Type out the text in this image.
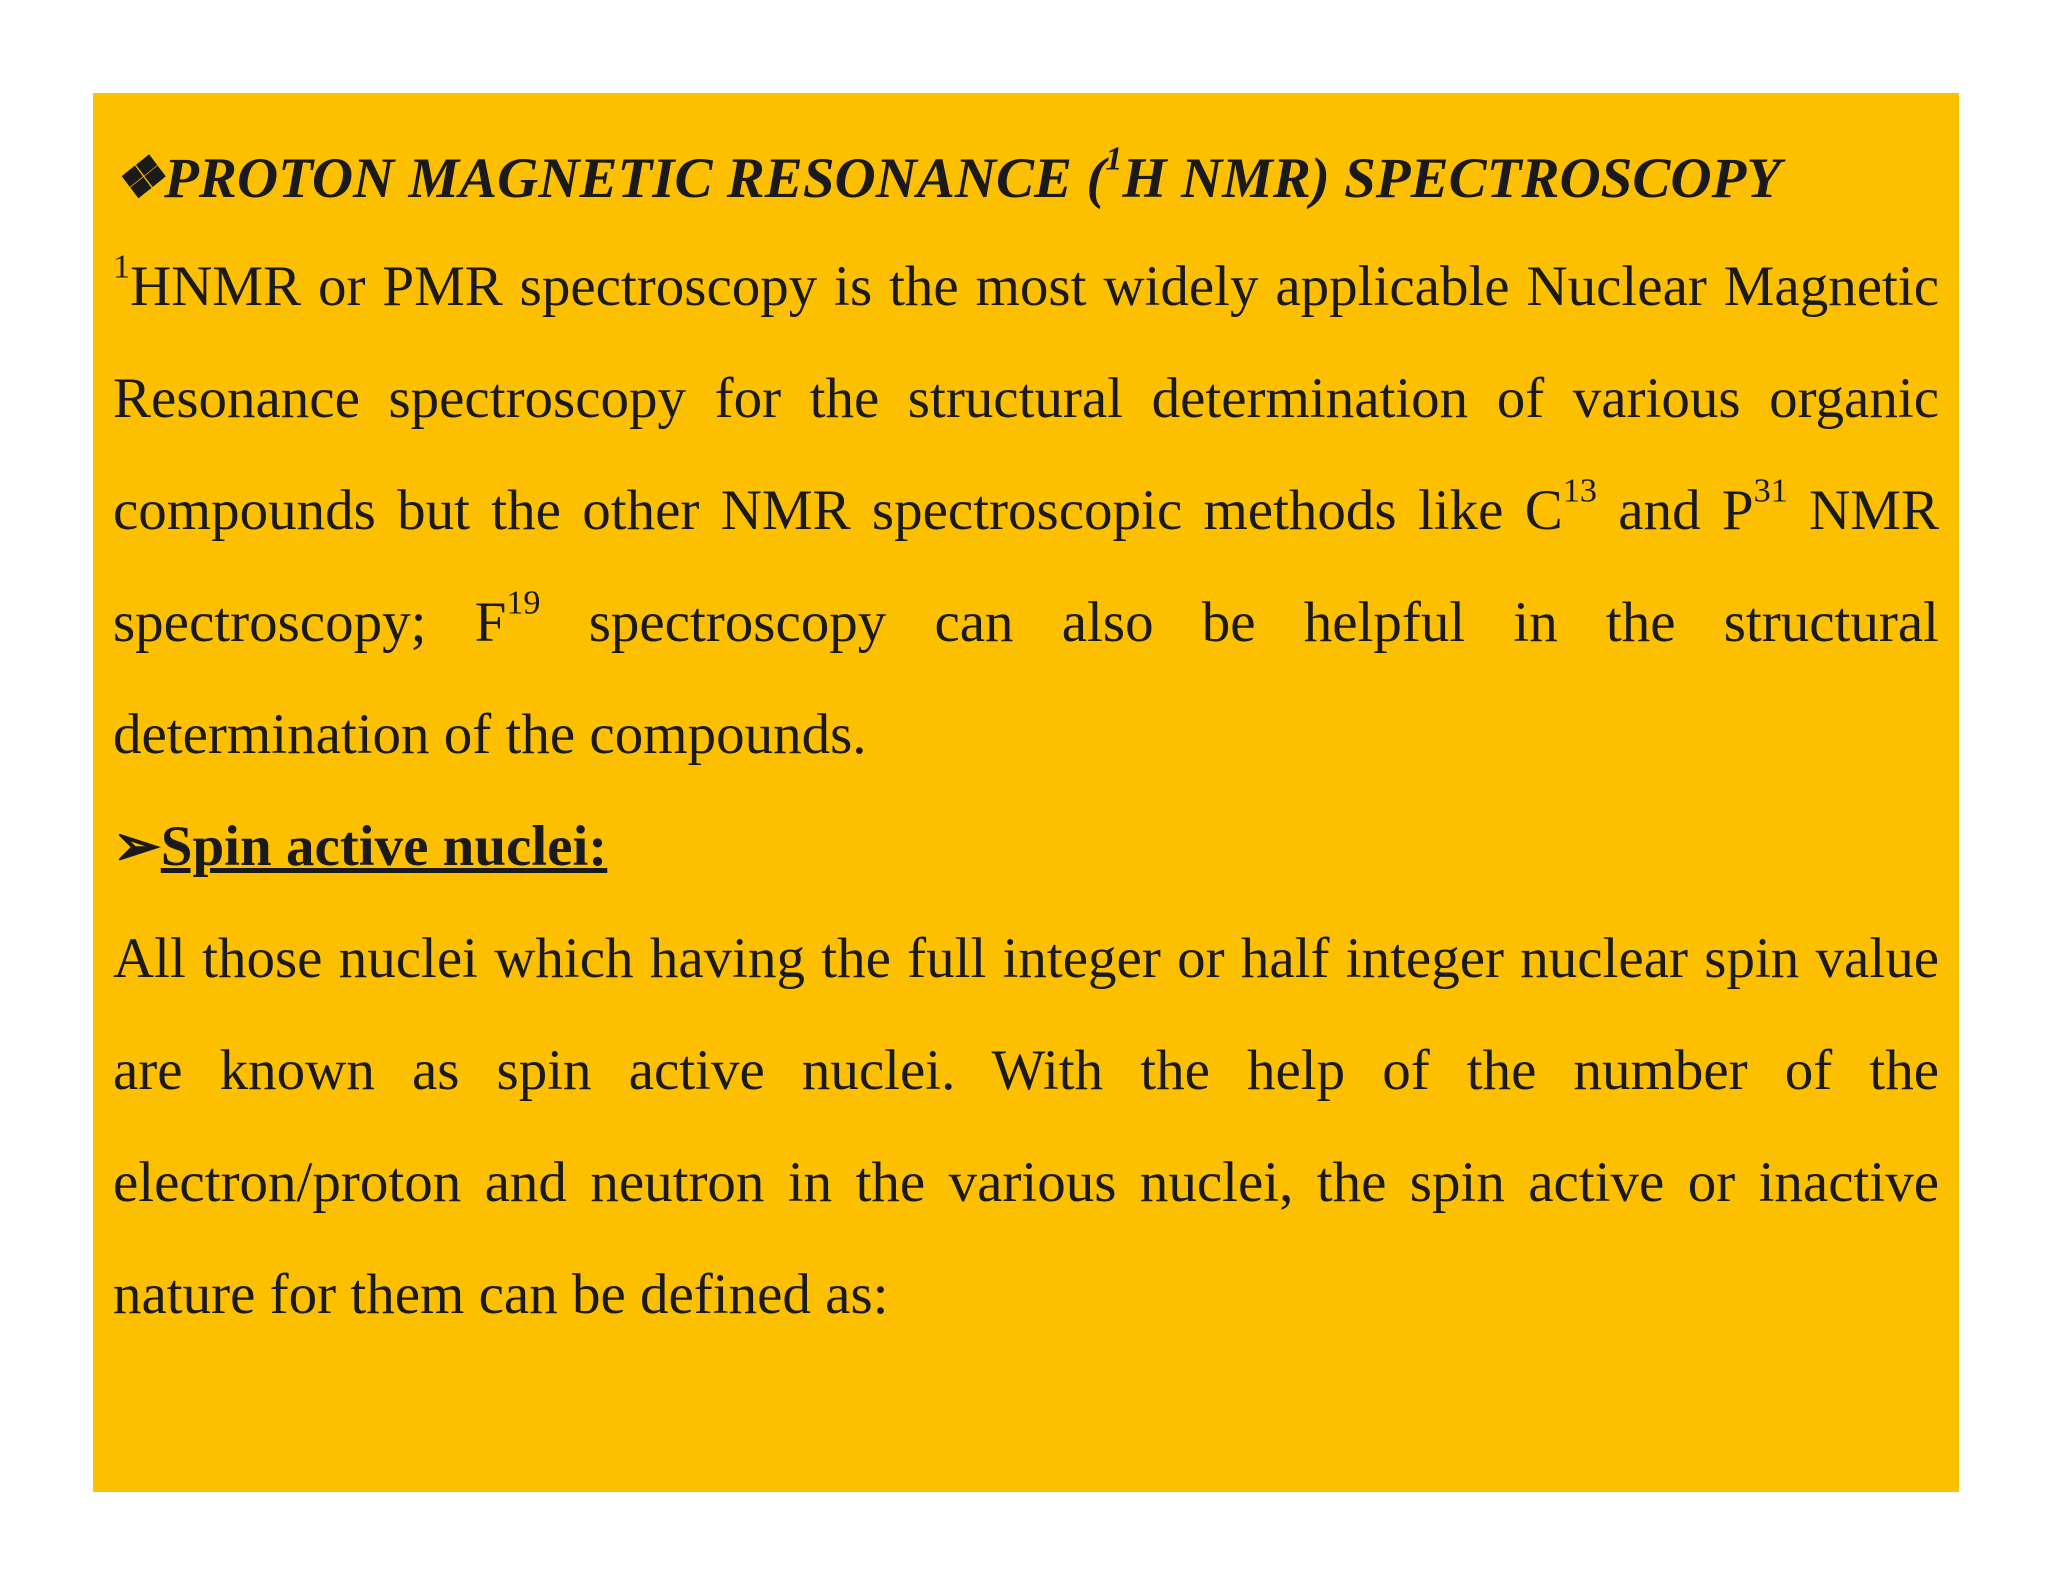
❖PROTON MAGNETIC RESONANCE ($^1$H NMR) SPECTROSCOPY

$^1$HNMR or PMR spectroscopy is the most widely applicable Nuclear Magnetic Resonance spectroscopy for the structural determination of various organic compounds but the other NMR spectroscopic methods like $C^{13}$ and $P^{31}$ NMR spectroscopy; $F^{19}$ spectroscopy can also be helpful in the structural determination of the compounds.

➢Spin active nuclei:

All those nuclei which having the full integer or half integer nuclear spin value are known as spin active nuclei. With the help of the number of the electron/proton and neutron in the various nuclei, the spin active or inactive nature for them can be defined as:
